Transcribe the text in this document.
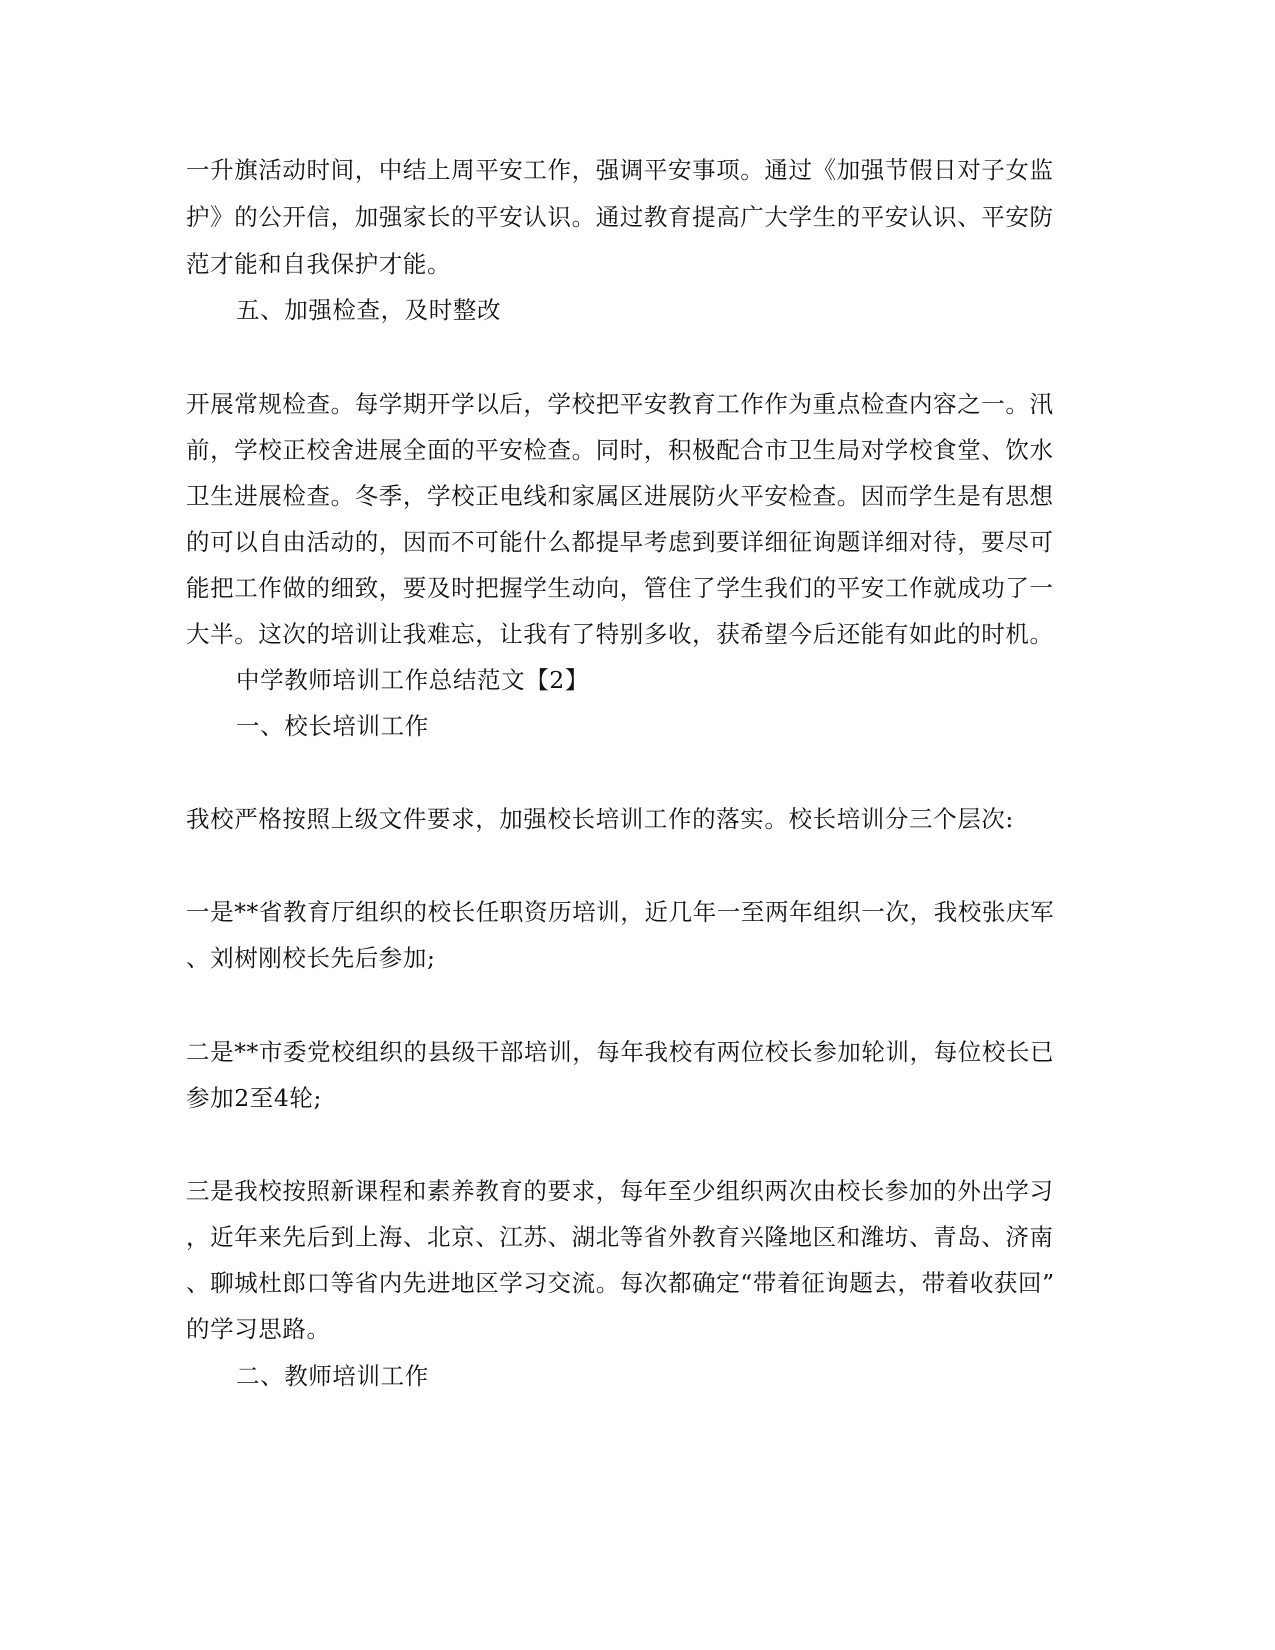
一升旗活动时间，中结上周平安工作，强调平安事项。通过《加强节假日对子女监

护》的公开信，加强家长的平安认识。通过教育提高广大学生的平安认识、平安防

范才能和自我保护才能。

五、加强检查，及时整改

开展常规检查。每学期开学以后，学校把平安教育工作作为重点检查内容之一。汛

前，学校正校舍进展全面的平安检查。同时，积极配合市卫生局对学校食堂、饮水

卫生进展检查。冬季，学校正电线和家属区进展防火平安检查。因而学生是有思想

的可以自由活动的，因而不可能什么都提早考虑到要详细征询题详细对待，要尽可

能把工作做的细致，要及时把握学生动向，管住了学生我们的平安工作就成功了一

大半。这次的培训让我难忘，让我有了特别多收，获希望今后还能有如此的时机。

中学教师培训工作总结范文【2】

一、校长培训工作

我校严格按照上级文件要求，加强校长培训工作的落实。校长培训分三个层次:

一是**省教育厅组织的校长任职资历培训，近几年一至两年组织一次，我校张庆军

、刘树刚校长先后参加;

二是**市委党校组织的县级干部培训，每年我校有两位校长参加轮训，每位校长已

参加2至4轮;

三是我校按照新课程和素养教育的要求，每年至少组织两次由校长参加的外出学习

，近年来先后到上海、北京、江苏、湖北等省外教育兴隆地区和潍坊、青岛、济南

、聊城杜郎口等省内先进地区学习交流。每次都确定“带着征询题去，带着收获回”

的学习思路。

二、教师培训工作
